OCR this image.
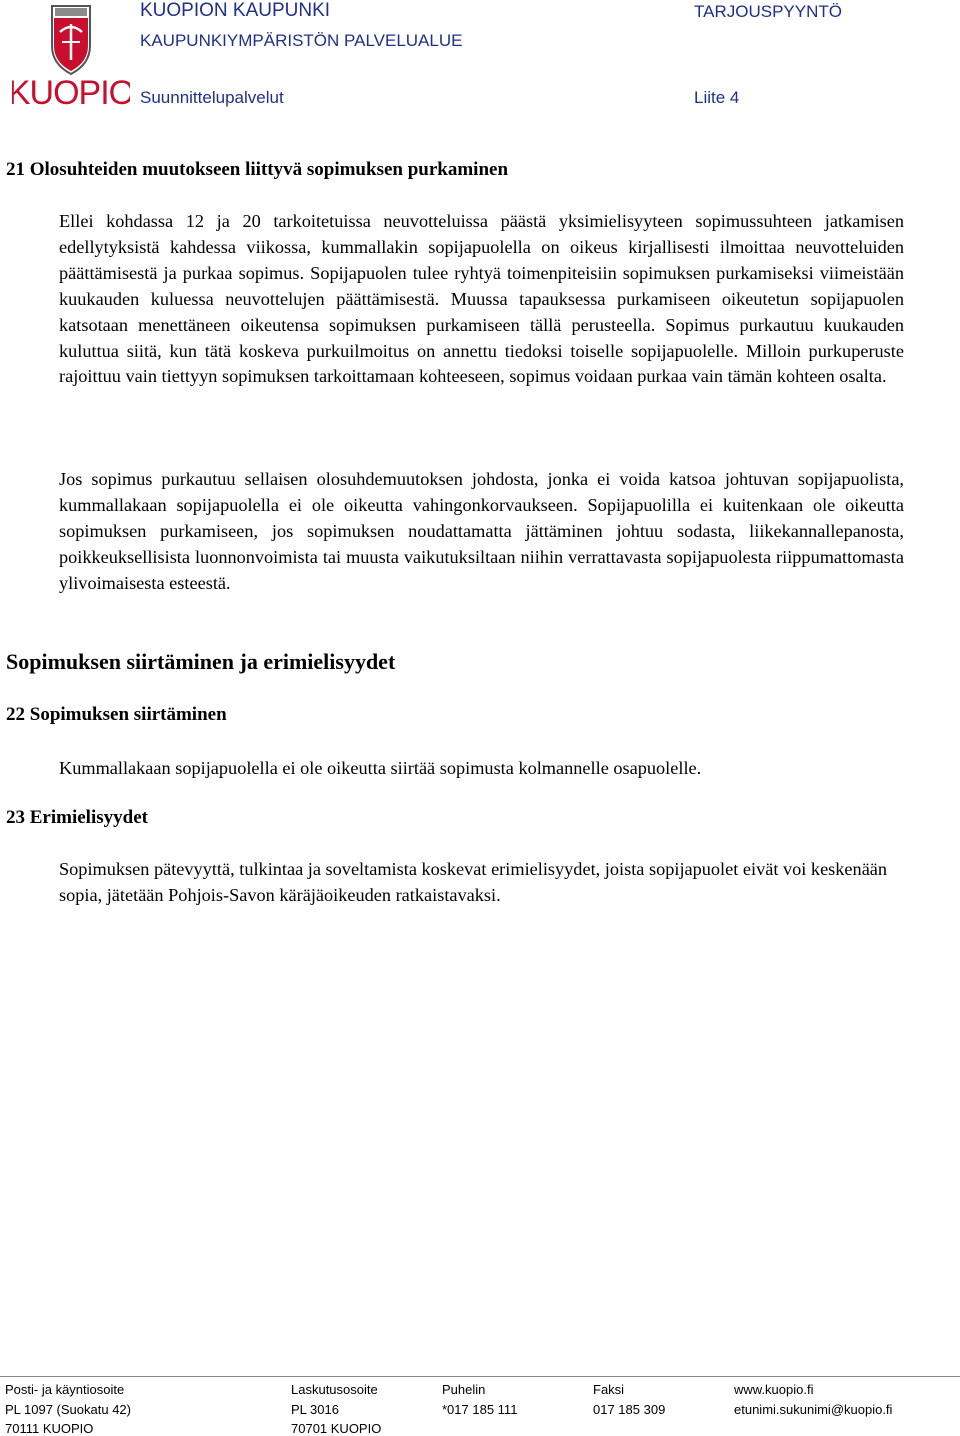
KUOPIO
KUOPION KAUPUNKI
KAUPUNKIYMPÄRISTÖN PALVELUALUE
TARJOUSPYYNTÖ
Suunnittelupalvelut	Liite 4
21 Olosuhteiden muutokseen liittyvä sopimuksen purkaminen
Ellei kohdassa 12 ja 20 tarkoitetuissa neuvotteluissa päästä yksimielisyyteen sopimussuhteen jatkamisen edellytyksistä kahdessa viikossa, kummallakin sopijapuolella on oikeus kirjallisesti ilmoittaa neuvotteluiden päättämisestä ja purkaa sopimus. Sopijapuolen tulee ryhtyä toimenpiteisiin sopimuksen purkamiseksi viimeistään kuukauden kuluessa neuvottelujen päättämisestä. Muussa tapauksessa purkamiseen oikeutetun sopijapuolen katsotaan menettäneen oikeutensa sopimuksen purkamiseen tällä perusteella. Sopimus purkautuu kuukauden kuluttua siitä, kun tätä koskeva purkuilmoitus on annettu tiedoksi toiselle sopijapuolelle. Milloin purkuperuste rajoittuu vain tiettyyn sopimuksen tarkoittamaan kohteeseen, sopimus voidaan purkaa vain tämän kohteen osalta.
Jos sopimus purkautuu sellaisen olosuhdemuutoksen johdosta, jonka ei voida katsoa johtuvan sopijapuolista, kummallakaan sopijapuolella ei ole oikeutta vahingonkorvaukseen. Sopijapuolilla ei kuitenkaan ole oikeutta sopimuksen purkamiseen, jos sopimuksen noudattamatta jättäminen johtuu sodasta, liikekannallepanosta, poikkeuksellisista luonnonvoimista tai muusta vaikutuksiltaan niihin verrattavasta sopijapuolesta riippumattomasta ylivoimaisesta esteestä.
Sopimuksen siirtäminen ja erimielisyydet
22 Sopimuksen siirtäminen
Kummallakaan sopijapuolella ei ole oikeutta siirtää sopimusta kolmannelle osapuolelle.
23 Erimielisyydet
Sopimuksen pätevyyttä, tulkintaa ja soveltamista koskevat erimielisyydet, joista sopijapuolet eivät voi keskenään sopia, jätetään Pohjois-Savon käräjäoikeuden ratkaistavaksi.
Posti- ja käyntiosoite
PL 1097 (Suokatu 42)
70111 KUOPIO
Laskutusosoite
PL 3016
70701 KUOPIO
Puhelin
*017 185 111
Faksi
017 185 309
www.kuopio.fi
etunimi.sukunimi@kuopio.fi
